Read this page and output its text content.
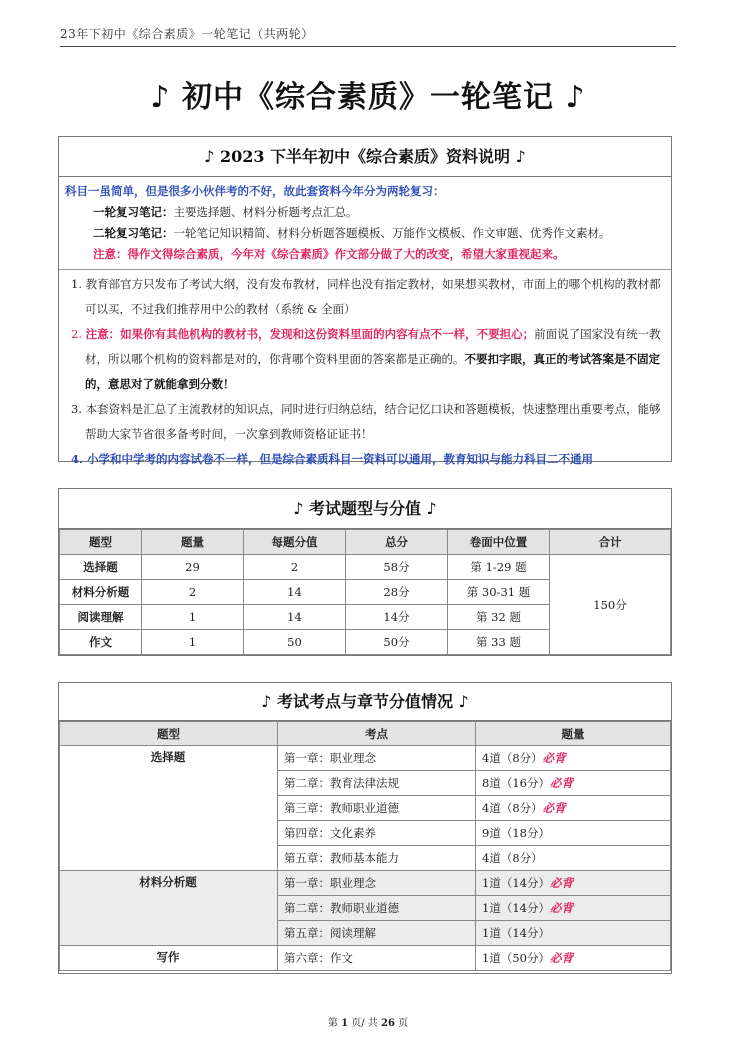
23年下初中《综合素质》一轮笔记（共两轮）
♪ 初中《综合素质》一轮笔记 ♪
♪ 2023 下半年初中《综合素质》资料说明 ♪
科目一虽简单，但是很多小伙伴考的不好，故此套资料今年分为两轮复习：
一轮复习笔记：主要选择题、材料分析题考点汇总。
二轮复习笔记：一轮笔记知识精简、材料分析题答题模板、万能作文模板、作文审题、优秀作文素材。
注意：得作文得综合素质，今年对《综合素质》作文部分做了大的改变，希望大家重视起来。
1. 教育部官方只发布了考试大纲，没有发布教材，同样也没有指定教材，如果想买教材，市面上的哪个机构的教材都可以买，不过我们推荐用中公的教材（系统 & 全面）
2. 注意：如果你有其他机构的教材书，发现和这份资料里面的内容有点不一样，不要担心；前面说了国家没有统一教材，所以哪个机构的资料都是对的，你背哪个资料里面的答案都是正确的。不要扣字眼，真正的考试答案是不固定的，意思对了就能拿到分数！
3. 本套资料是汇总了主流教材的知识点，同时进行归纳总结，结合记忆口诀和答题模板，快速整理出重要考点，能够帮助大家节省很多备考时间，一次拿到教师资格证证书！
4. 小学和中学考的内容试卷不一样，但是综合素质科目一资料可以通用，教育知识与能力科目二不通用
♪ 考试题型与分值 ♪
题型	题量	每题分值	总分	卷面中位置	合计
选择题	29	2	58分	第 1-29 题	150分
材料分析题	2	14	28分	第 30-31 题	
阅读理解	1	14	14分	第 32 题	
作文	1	50	50分	第 33 题	
♪ 考试考点与章节分值情况 ♪
题型	考点	题量
选择题	第一章：职业理念	4道（8分）必背
	第二章：教育法律法规	8道（16分）必背
	第三章：教师职业道德	4道（8分）必背
	第四章：文化素养	9道（18分）
	第五章：教师基本能力	4道（8分）
材料分析题	第一章：职业理念	1道（14分）必背
	第二章：教师职业道德	1道（14分）必背
	第五章：阅读理解	1道（14分）
写作	第六章：作文	1道（50分）必背
第 1 页/ 共 26 页
